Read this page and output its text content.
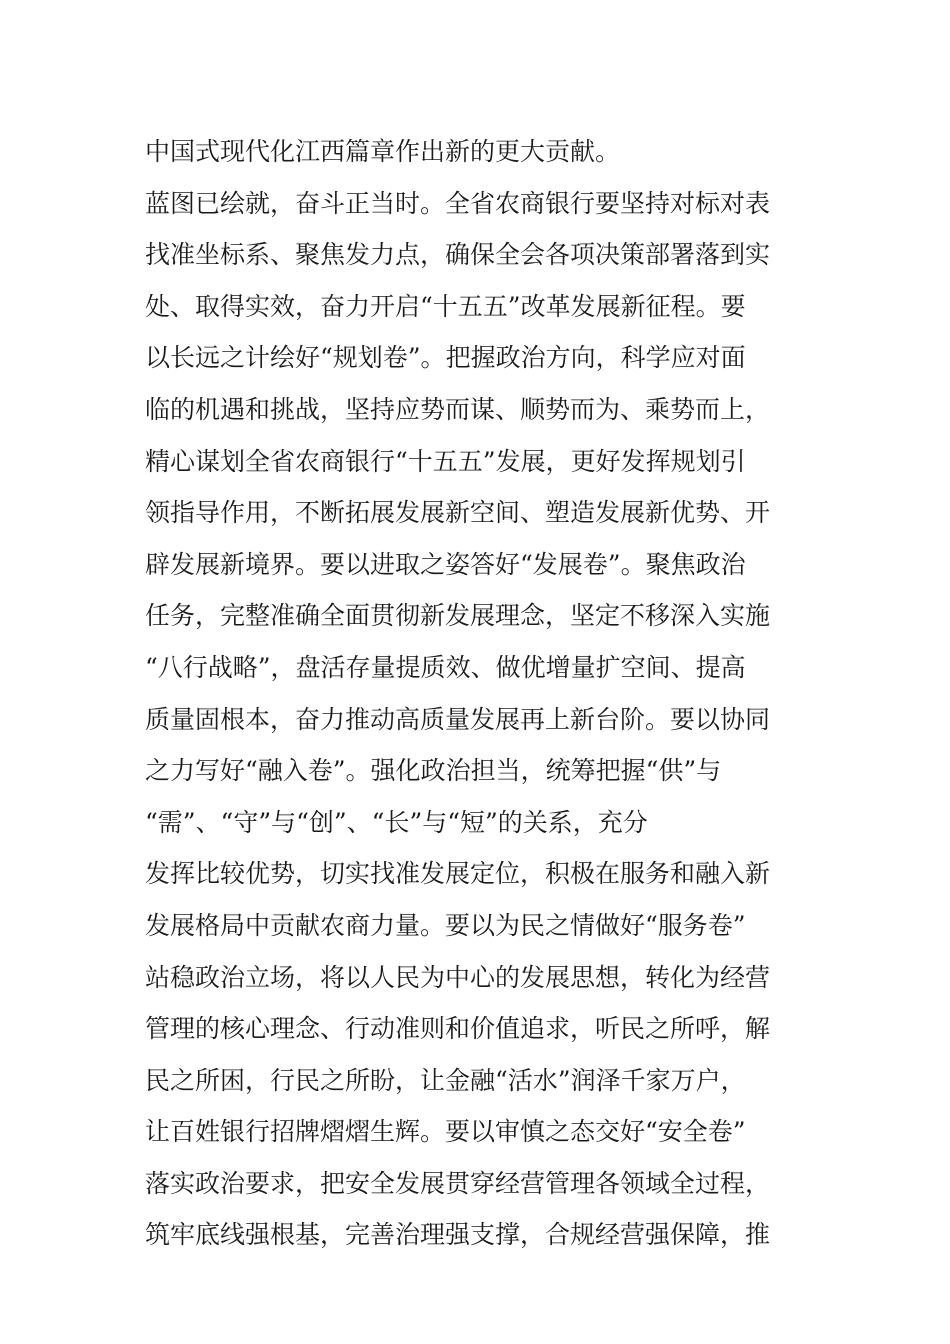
中国式现代化江西篇章作出新的更大贡献。
蓝图已绘就，奋斗正当时。全省农商银行要坚持对标对表
找准坐标系、聚焦发力点，确保全会各项决策部署落到实
处、取得实效，奋力开启“十五五”改革发展新征程。要
以长远之计绘好“规划卷”。把握政治方向，科学应对面
临的机遇和挑战，坚持应势而谋、顺势而为、乘势而上，
精心谋划全省农商银行“十五五”发展，更好发挥规划引
领指导作用，不断拓展发展新空间、塑造发展新优势、开
辟发展新境界。要以进取之姿答好“发展卷”。聚焦政治
任务，完整准确全面贯彻新发展理念，坚定不移深入实施
“八行战略”，盘活存量提质效、做优增量扩空间、提高
质量固根本，奋力推动高质量发展再上新台阶。要以协同
之力写好“融入卷”。强化政治担当，统筹把握“供”与
“需”、“守”与“创”、“长”与“短”的关系，充分
发挥比较优势，切实找准发展定位，积极在服务和融入新
发展格局中贡献农商力量。要以为民之情做好“服务卷”
站稳政治立场，将以人民为中心的发展思想，转化为经营
管理的核心理念、行动准则和价值追求，听民之所呼，解
民之所困，行民之所盼，让金融“活水”润泽千家万户，
让百姓银行招牌熠熠生辉。要以审慎之态交好“安全卷”
落实政治要求，把安全发展贯穿经营管理各领域全过程，
筑牢底线强根基，完善治理强支撑，合规经营强保障，推
